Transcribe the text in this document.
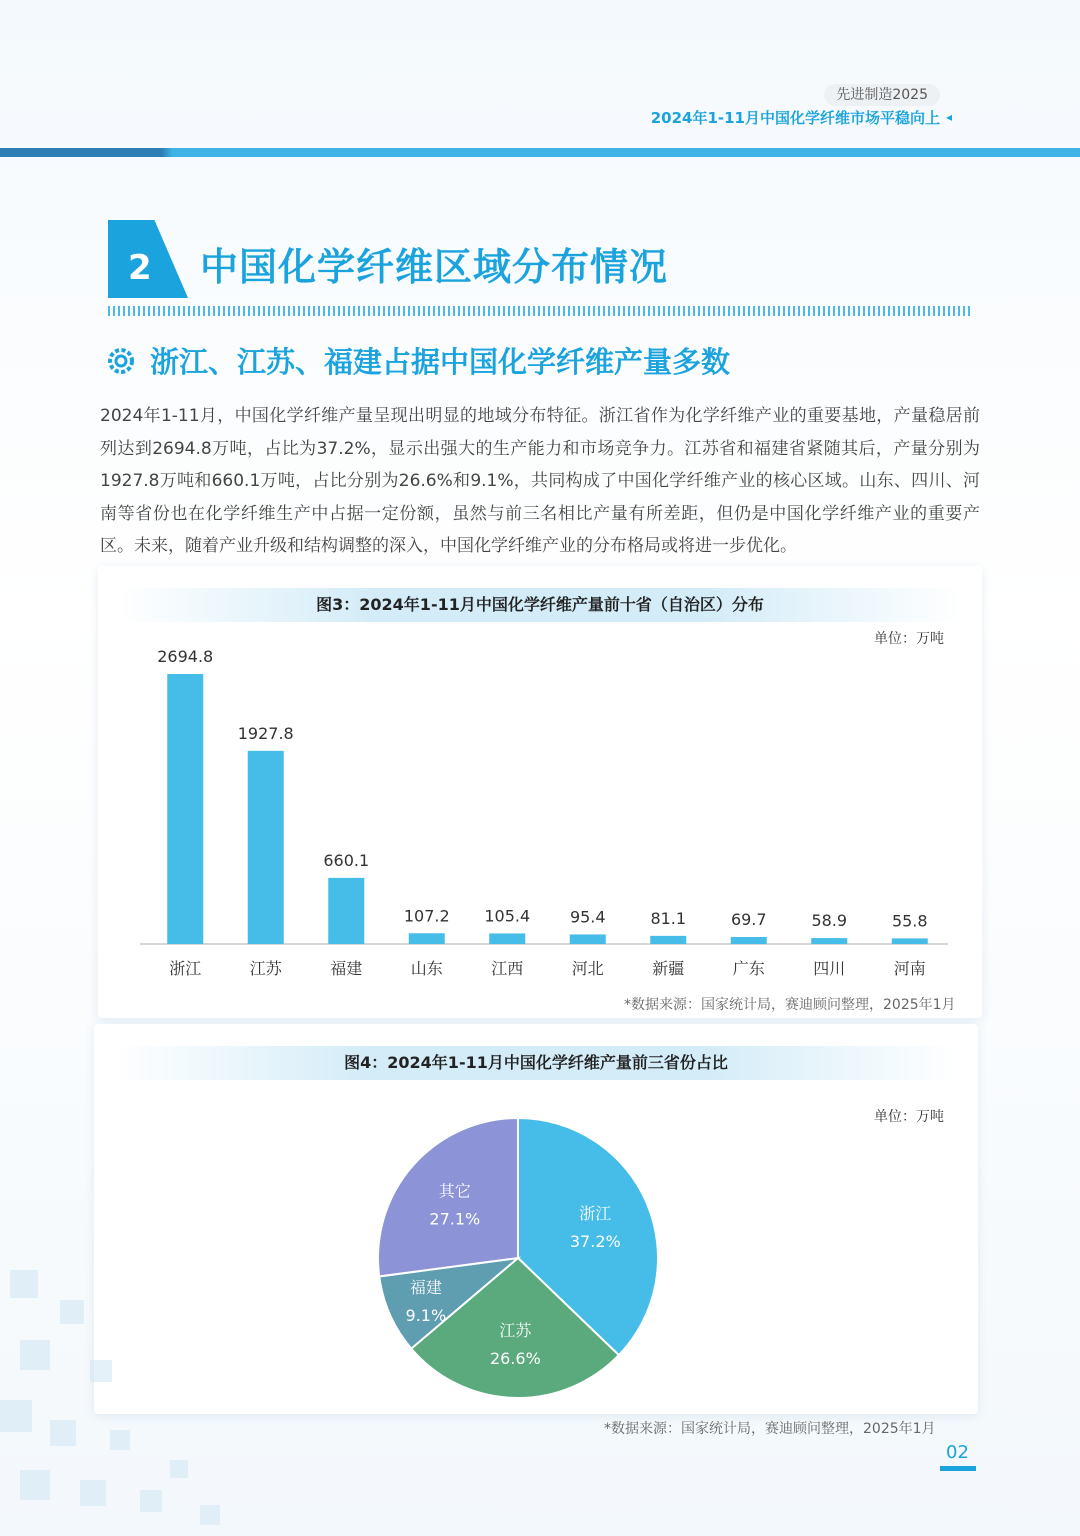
先进制造2025
2024年1-11月中国化学纤维市场平稳向上 ◂
2 中国化学纤维区域分布情况
浙江、江苏、福建占据中国化学纤维产量多数
2024年1-11月，中国化学纤维产量呈现出明显的地域分布特征。浙江省作为化学纤维产业的重要基地，产量稳居前列达到2694.8万吨，占比为37.2%，显示出强大的生产能力和市场竞争力。江苏省和福建省紧随其后，产量分别为1927.8万吨和660.1万吨，占比分别为26.6%和9.1%，共同构成了中国化学纤维产业的核心区域。山东、四川、河南等省份也在化学纤维生产中占据一定份额，虽然与前三名相比产量有所差距，但仍是中国化学纤维产业的重要产区。未来，随着产业升级和结构调整的深入，中国化学纤维产业的分布格局或将进一步优化。
图3：2024年1-11月中国化学纤维产量前十省（自治区）分布
单位：万吨
2694.8
浙江
1927.8
江苏
660.1
福建
107.2
山东
105.4
江西
95.4
河北
81.1
新疆
69.7
广东
58.9
四川
55.8
河南
*数据来源：国家统计局，赛迪顾问整理，2025年1月
图4：2024年1-11月中国化学纤维产量前三省份占比
单位：万吨
浙江
37.2%
江苏
26.6%
福建
9.1%
其它
27.1%
*数据来源：国家统计局，赛迪顾问整理，2025年1月
02
